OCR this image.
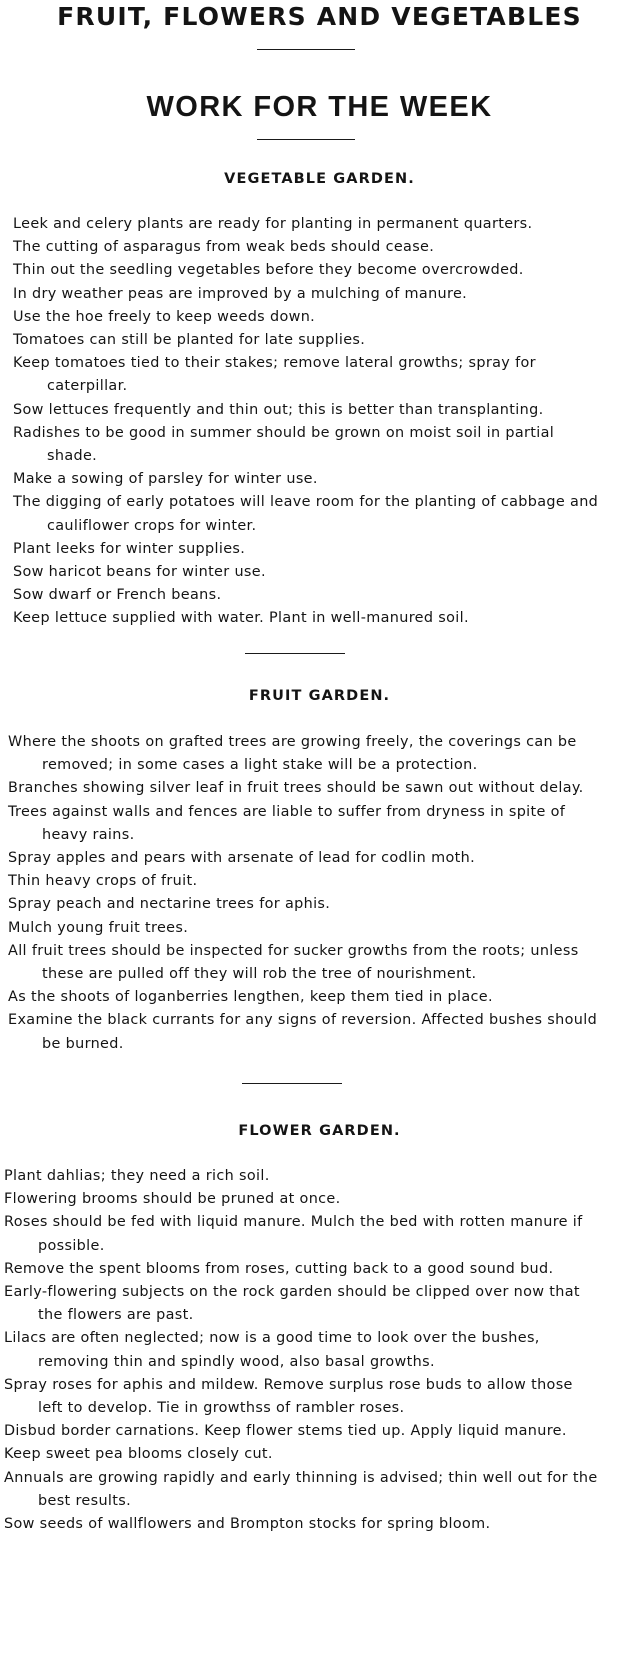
FRUIT, FLOWERS AND VEGETABLES
WORK FOR THE WEEK
VEGETABLE GARDEN.
Leek and celery plants are ready for planting in permanent quarters.
The cutting of asparagus from weak beds should cease.
Thin out the seedling vegetables before they become overcrowded.
In dry weather peas are improved by a mulching of manure.
Use the hoe freely to keep weeds down.
Tomatoes can still be planted for late supplies.
Keep tomatoes tied to their stakes; remove lateral growths; spray for caterpillar.
Sow lettuces frequently and thin out; this is better than transplanting.
Radishes to be good in summer should be grown on moist soil in partial shade.
Make a sowing of parsley for winter use.
The digging of early potatoes will leave room for the planting of cabbage and cauliflower crops for winter.
Plant leeks for winter supplies.
Sow haricot beans for winter use.
Sow dwarf or French beans.
Keep lettuce supplied with water. Plant in well-manured soil.
FRUIT GARDEN.
Where the shoots on grafted trees are growing freely, the coverings can be removed; in some cases a light stake will be a protection.
Branches showing silver leaf in fruit trees should be sawn out without delay.
Trees against walls and fences are liable to suffer from dryness in spite of heavy rains.
Spray apples and pears with arsenate of lead for codlin moth.
Thin heavy crops of fruit.
Spray peach and nectarine trees for aphis.
Mulch young fruit trees.
All fruit trees should be inspected for sucker growths from the roots; unless these are pulled off they will rob the tree of nourishment.
As the shoots of loganberries lengthen, keep them tied in place.
Examine the black currants for any signs of reversion. Affected bushes should be burned.
FLOWER GARDEN.
Plant dahlias; they need a rich soil.
Flowering brooms should be pruned at once.
Roses should be fed with liquid manure. Mulch the bed with rotten manure if possible.
Remove the spent blooms from roses, cutting back to a good sound bud.
Early-flowering subjects on the rock garden should be clipped over now that the flowers are past.
Lilacs are often neglected; now is a good time to look over the bushes, removing thin and spindly wood, also basal growths.
Spray roses for aphis and mildew. Remove surplus rose buds to allow those left to develop. Tie in growthss of rambler roses.
Disbud border carnations. Keep flower stems tied up. Apply liquid manure.
Keep sweet pea blooms closely cut.
Annuals are growing rapidly and early thinning is advised; thin well out for the best results.
Sow seeds of wallflowers and Brompton stocks for spring bloom.
